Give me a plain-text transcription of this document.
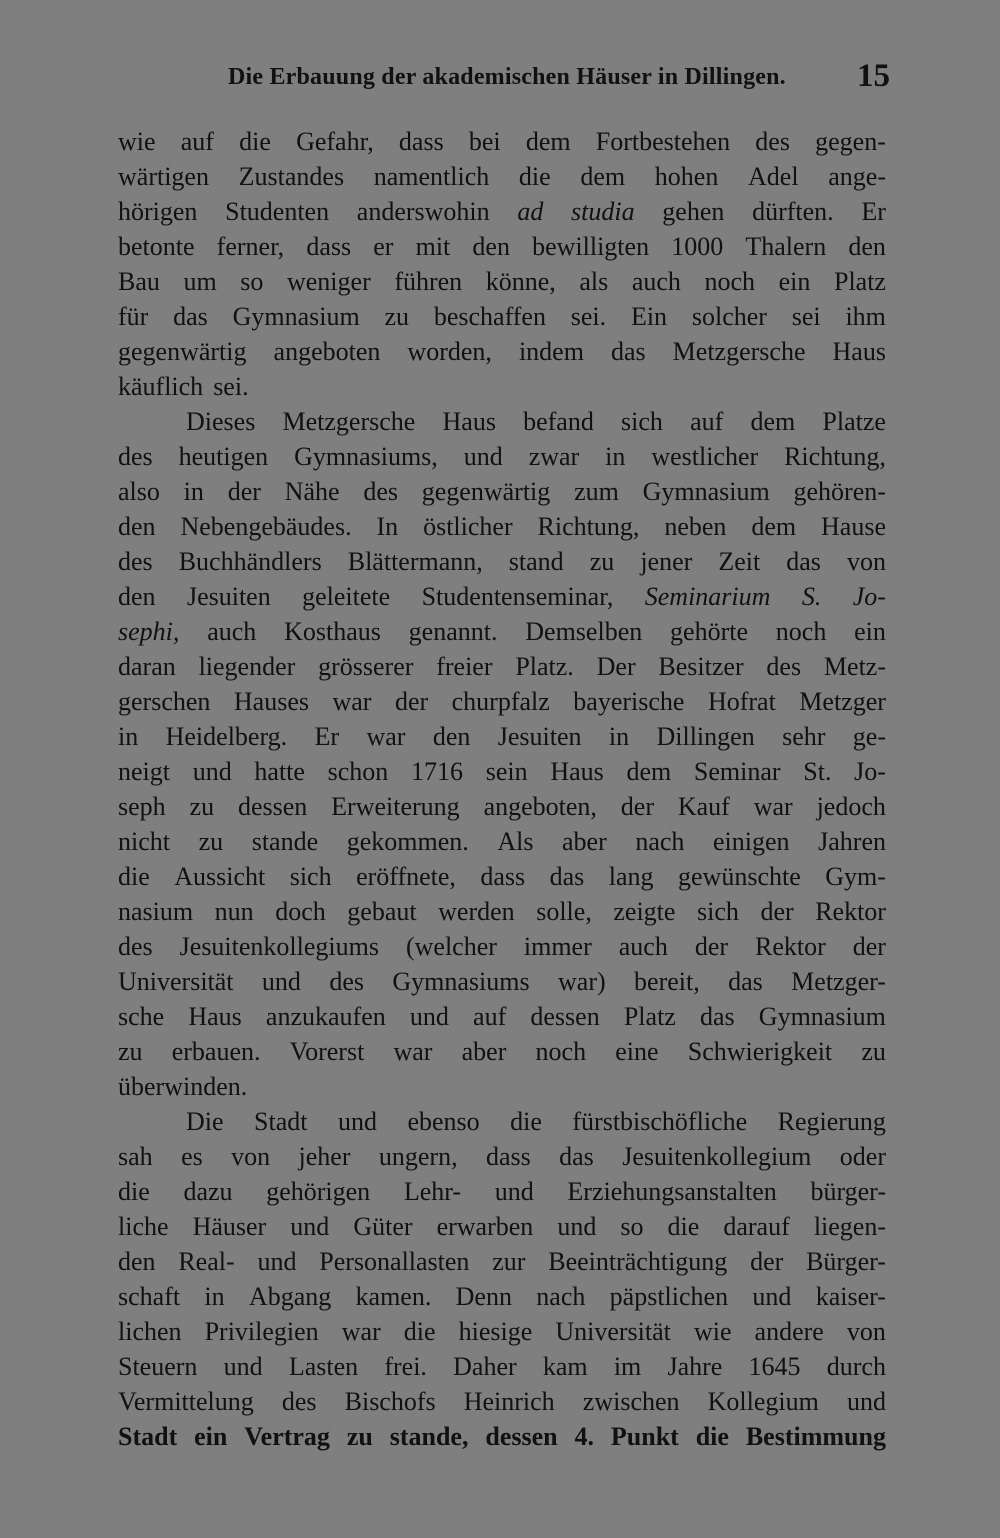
Die Erbauung der akademischen Häuser in Dillingen. 15
wie auf die Gefahr, dass bei dem Fortbestehen des gegen-
wärtigen Zustandes namentlich die dem hohen Adel ange-
hörigen Studenten anderswohin ad studia gehen dürften. Er
betonte ferner, dass er mit den bewilligten 1000 Thalern den
Bau um so weniger führen könne, als auch noch ein Platz
für das Gymnasium zu beschaffen sei. Ein solcher sei ihm
gegenwärtig angeboten worden, indem das Metzgersche Haus
käuflich sei.
Dieses Metzgersche Haus befand sich auf dem Platze
des heutigen Gymnasiums, und zwar in westlicher Richtung,
also in der Nähe des gegenwärtig zum Gymnasium gehören-
den Nebengebäudes. In östlicher Richtung, neben dem Hause
des Buchhändlers Blättermann, stand zu jener Zeit das von
den Jesuiten geleitete Studentenseminar, Seminarium S. Jo-
sephi, auch Kosthaus genannt. Demselben gehörte noch ein
daran liegender grösserer freier Platz. Der Besitzer des Metz-
gerschen Hauses war der churpfalz bayerische Hofrat Metzger
in Heidelberg. Er war den Jesuiten in Dillingen sehr ge-
neigt und hatte schon 1716 sein Haus dem Seminar St. Jo-
seph zu dessen Erweiterung angeboten, der Kauf war jedoch
nicht zu stande gekommen. Als aber nach einigen Jahren
die Aussicht sich eröffnete, dass das lang gewünschte Gym-
nasium nun doch gebaut werden solle, zeigte sich der Rektor
des Jesuitenkollegiums (welcher immer auch der Rektor der
Universität und des Gymnasiums war) bereit, das Metzger-
sche Haus anzukaufen und auf dessen Platz das Gymnasium
zu erbauen. Vorerst war aber noch eine Schwierigkeit zu
überwinden.
Die Stadt und ebenso die fürstbischöfliche Regierung
sah es von jeher ungern, dass das Jesuitenkollegium oder
die dazu gehörigen Lehr- und Erziehungsanstalten bürger-
liche Häuser und Güter erwarben und so die darauf liegen-
den Real- und Personallasten zur Beeinträchtigung der Bürger-
schaft in Abgang kamen. Denn nach päpstlichen und kaiser-
lichen Privilegien war die hiesige Universität wie andere von
Steuern und Lasten frei. Daher kam im Jahre 1645 durch
Vermittelung des Bischofs Heinrich zwischen Kollegium und
Stadt ein Vertrag zu stande, dessen 4. Punkt die Bestimmung
